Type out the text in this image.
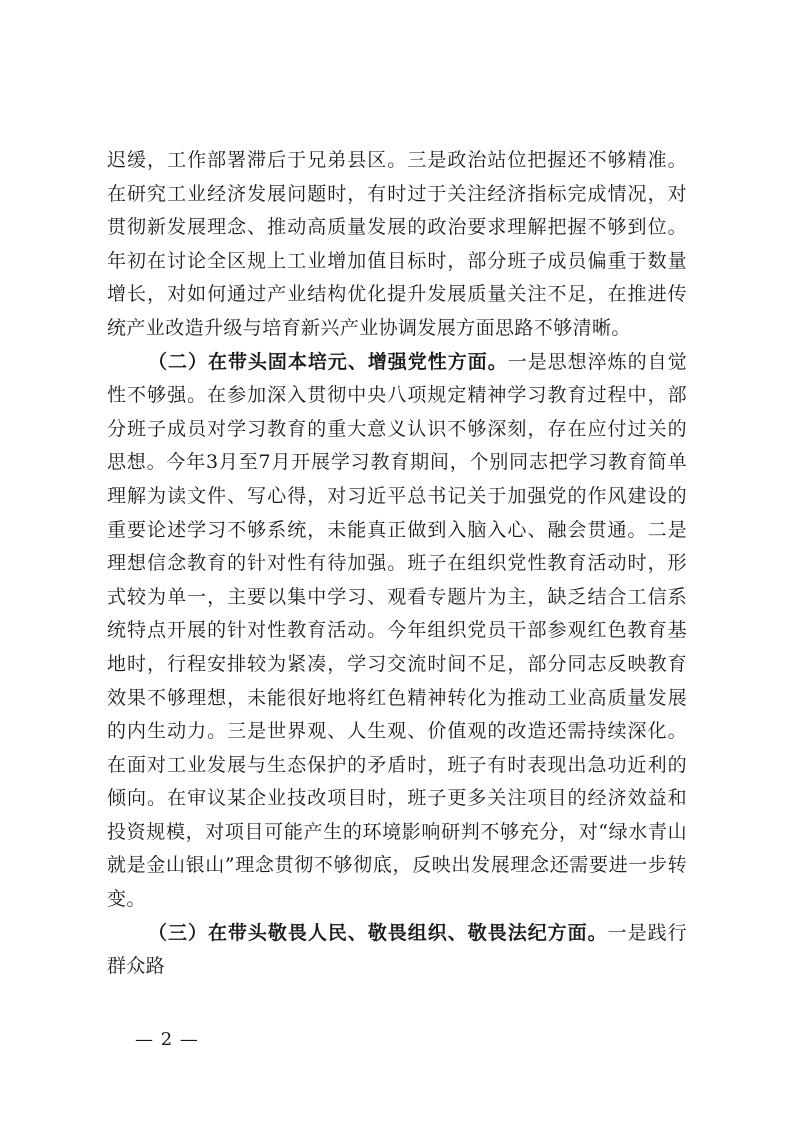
迟缓，工作部署滞后于兄弟县区。三是政治站位把握还不够精准。在研究工业经济发展问题时，有时过于关注经济指标完成情况，对贯彻新发展理念、推动高质量发展的政治要求理解把握不够到位。年初在讨论全区规上工业增加值目标时，部分班子成员偏重于数量增长，对如何通过产业结构优化提升发展质量关注不足，在推进传统产业改造升级与培育新兴产业协调发展方面思路不够清晰。

（二）在带头固本培元、增强党性方面。一是思想淬炼的自觉性不够强。在参加深入贯彻中央八项规定精神学习教育过程中，部分班子成员对学习教育的重大意义认识不够深刻，存在应付过关的思想。今年3月至7月开展学习教育期间，个别同志把学习教育简单理解为读文件、写心得，对习近平总书记关于加强党的作风建设的重要论述学习不够系统，未能真正做到入脑入心、融会贯通。二是理想信念教育的针对性有待加强。班子在组织党性教育活动时，形式较为单一，主要以集中学习、观看专题片为主，缺乏结合工信系统特点开展的针对性教育活动。今年组织党员干部参观红色教育基地时，行程安排较为紧凑，学习交流时间不足，部分同志反映教育效果不够理想，未能很好地将红色精神转化为推动工业高质量发展的内生动力。三是世界观、人生观、价值观的改造还需持续深化。在面对工业发展与生态保护的矛盾时，班子有时表现出急功近利的倾向。在审议某企业技改项目时，班子更多关注项目的经济效益和投资规模，对项目可能产生的环境影响研判不够充分，对“绿水青山就是金山银山”理念贯彻不够彻底，反映出发展理念还需要进一步转变。

（三）在带头敬畏人民、敬畏组织、敬畏法纪方面。一是践行群众路

— 2 —
